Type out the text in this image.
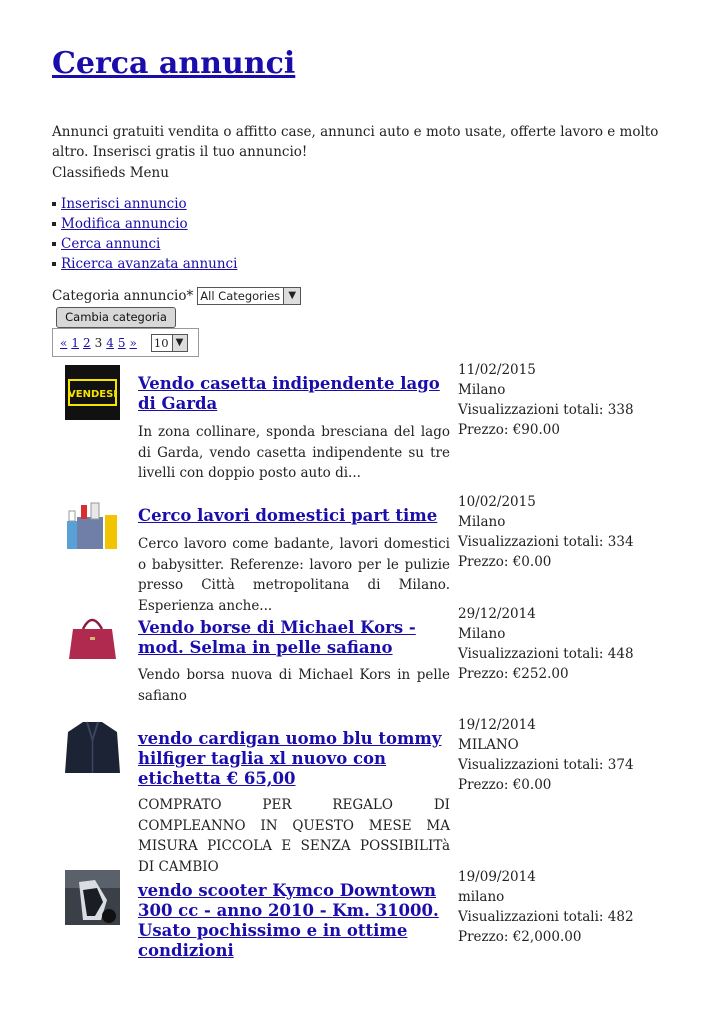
Cerca annunci
Annunci gratuiti vendita o affitto case, annunci auto e moto usate, offerte lavoro e molto altro. Inserisci gratis il tuo annuncio!
Classifieds Menu
Inserisci annuncio
Modifica annuncio
Cerca annunci
Ricerca avanzata annunci
Categoria annuncio* All Categories ▼
Cambia categoria
« 1 2 3 4 5 » 10 ▼
VENDESI
Vendo casetta indipendente lago di Garda
In zona collinare, sponda bresciana del lago di Garda, vendo casetta indipendente su tre livelli con doppio posto auto di...
11/02/2015
Milano
Visualizzazioni totali: 338
Prezzo: €90.00
Cerco lavori domestici part time
Cerco lavoro come badante, lavori domestici o babysitter. Referenze: lavoro per le pulizie presso Città metropolitana di Milano. Esperienza anche...
10/02/2015
Milano
Visualizzazioni totali: 334
Prezzo: €0.00
Vendo borse di Michael Kors - mod. Selma in pelle safiano
Vendo borsa nuova di Michael Kors in pelle safiano
29/12/2014
Milano
Visualizzazioni totali: 448
Prezzo: €252.00
vendo cardigan uomo blu tommy hilfiger taglia xl nuovo con etichetta € 65,00
COMPRATO PER REGALO DI COMPLEANNO IN QUESTO MESE MA MISURA PICCOLA E SENZA POSSIBILITà DI CAMBIO
19/12/2014
MILANO
Visualizzazioni totali: 374
Prezzo: €0.00
vendo scooter Kymco Downtown 300 cc - anno 2010 - Km. 31000. Usato pochissimo e in ottime condizioni
19/09/2014
milano
Visualizzazioni totali: 482
Prezzo: €2,000.00
